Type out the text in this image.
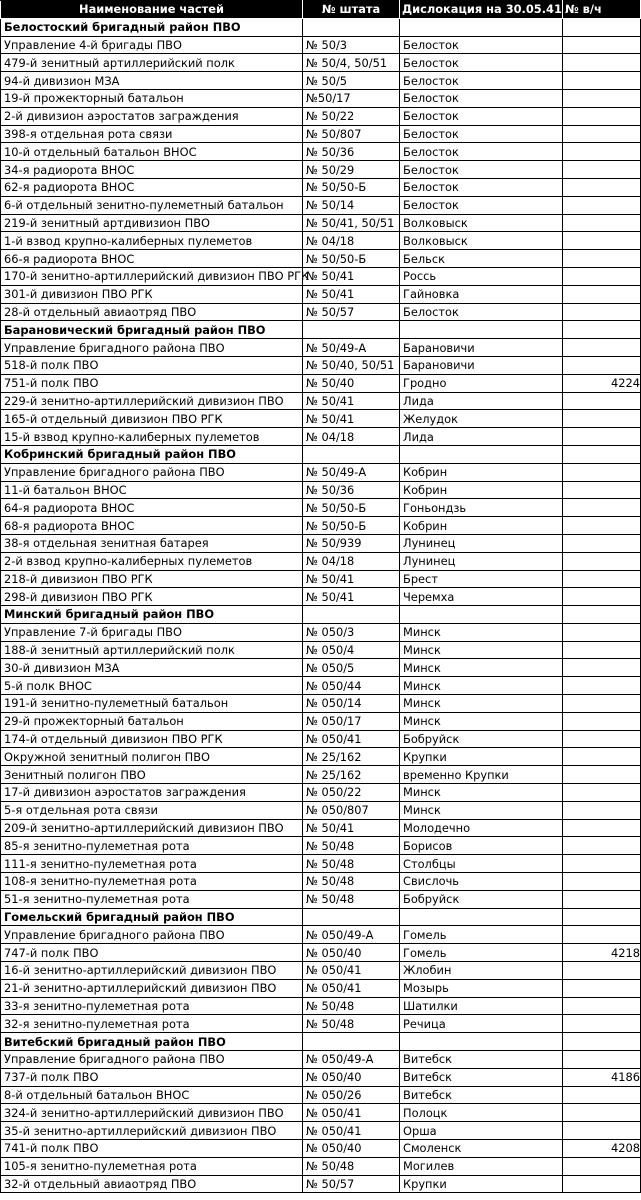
Наименование частей	№ штата	Дислокация на 30.05.41	№ в/ч
Белостоский бригадный район ПВО			
Управление 4-й бригады ПВО	№ 50/3	Белосток	
479-й зенитный артиллерийский полк	№ 50/4, 50/51	Белосток	
94-й дивизион МЗА	№ 50/5	Белосток	
19-й прожекторный батальон	№50/17	Белосток	
2-й дивизион аэростатов заграждения	№ 50/22	Белосток	
398-я отдельная рота связи	№ 50/807	Белосток	
10-й отдельный батальон ВНОС	№ 50/36	Белосток	
34-я радиорота ВНОС	№ 50/29	Белосток	
62-я радиорота ВНОС	№ 50/50-Б	Белосток	
6-й отдельный зенитно-пулеметный батальон	№ 50/14	Белосток	
219-й зенитный артдивизион ПВО	№ 50/41, 50/51	Волковыск	
1-й взвод крупно-калиберных пулеметов	№ 04/18	Волковыск	
66-я радиорота ВНОС	№ 50/50-Б	Бельск	
170-й зенитно-артиллерийский дивизион ПВО РГК	№ 50/41	Россь	
301-й дивизион ПВО РГК	№ 50/41	Гайновка	
28-й отдельный авиаотряд ПВО	№ 50/57	Белосток	
Барановический бригадный район ПВО			
Управление бригадного района ПВО	№ 50/49-А	Барановичи	
518-й полк ПВО	№ 50/40, 50/51	Барановичи	
751-й полк ПВО	№ 50/40	Гродно	4224
229-й зенитно-артиллерийский дивизион ПВО	№ 50/41	Лида	
165-й отдельный дивизион ПВО РГК	№ 50/41	Желудок	
15-й взвод крупно-калиберных пулеметов	№ 04/18	Лида	
Кобринский бригадный район ПВО			
Управление бригадного района ПВО	№ 50/49-А	Кобрин	
11-й батальон ВНОС	№ 50/36	Кобрин	
64-я радиорота ВНОС	№ 50/50-Б	Гоньондзь	
68-я радиорота ВНОС	№ 50/50-Б	Кобрин	
38-я отдельная зенитная батарея	№ 50/939	Лунинец	
2-й взвод крупно-калиберных пулеметов	№ 04/18	Лунинец	
218-й дивизион ПВО РГК	№ 50/41	Брест	
298-й дивизион ПВО РГК	№ 50/41	Черемха	
Минский бригадный район ПВО			
Управление 7-й бригады ПВО	№ 050/3	Минск	
188-й зенитный артиллерийский полк	№ 050/4	Минск	
30-й дивизион МЗА	№ 050/5	Минск	
5-й полк ВНОС	№ 050/44	Минск	
191-й зенитно-пулеметный батальон	№ 050/14	Минск	
29-й прожекторный батальон	№ 050/17	Минск	
174-й отдельный дивизион ПВО РГК	№ 050/41	Бобруйск	
Окружной зенитный полигон ПВО	№ 25/162	Крупки	
Зенитный полигон ПВО	№ 25/162	временно Крупки	
17-й дивизион аэростатов заграждения	№ 050/22	Минск	
5-я отдельная рота связи	№ 050/807	Минск	
209-й зенитно-артиллерийский дивизион ПВО	№ 50/41	Молодечно	
85-я зенитно-пулеметная рота	№ 50/48	Борисов	
111-я зенитно-пулеметная рота	№ 50/48	Столбцы	
108-я зенитно-пулеметная рота	№ 50/48	Свислочь	
51-я зенитно-пулеметная рота	№ 50/48	Бобруйск	
Гомельский бригадный район ПВО			
Управление бригадного района ПВО	№ 050/49-А	Гомель	
747-й полк ПВО	№ 050/40	Гомель	4218
16-й зенитно-артиллерийский дивизион ПВО	№ 050/41	Жлобин	
21-й зенитно-артиллерийский дивизион ПВО	№ 050/41	Мозырь	
33-я зенитно-пулеметная рота	№ 50/48	Шатилки	
32-я зенитно-пулеметная рота	№ 50/48	Речица	
Витебский бригадный район ПВО			
Управление бригадного района ПВО	№ 050/49-А	Витебск	
737-й полк ПВО	№ 050/40	Витебск	4186
8-й отдельный батальон ВНОС	№ 050/26	Витебск	
324-й зенитно-артиллерийский дивизион ПВО	№ 050/41	Полоцк	
35-й зенитно-артиллерийский дивизион ПВО	№ 050/41	Орша	
741-й полк ПВО	№ 050/40	Смоленск	4208
105-я зенитно-пулеметная рота	№ 50/48	Могилев	
32-й отдельный авиаотряд ПВО	№ 50/57	Крупки	
